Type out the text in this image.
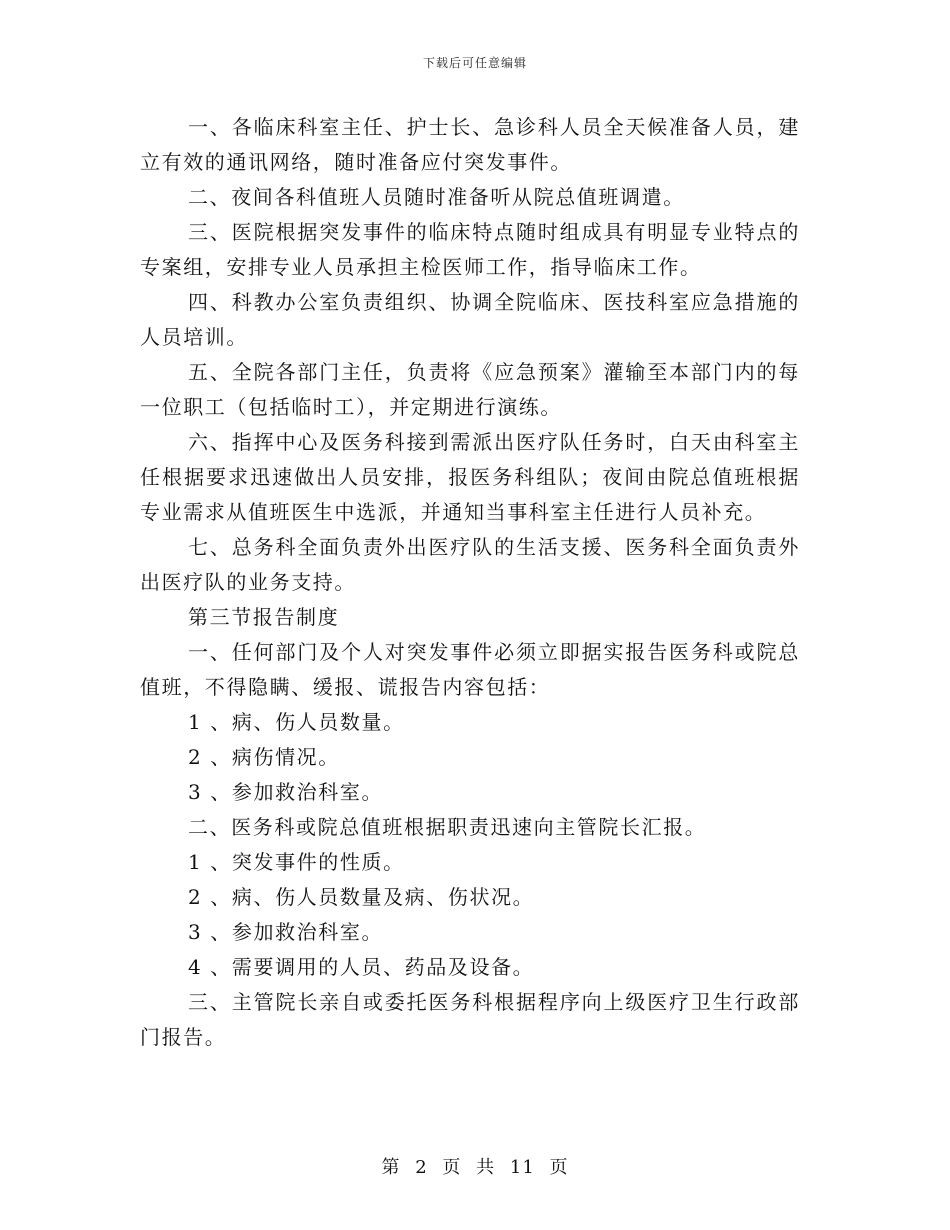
下载后可任意编辑

一、各临床科室主任、护士长、急诊科人员全天候准备人员，建立有效的通讯网络，随时准备应付突发事件。

二、夜间各科值班人员随时准备听从院总值班调遣。

三、医院根据突发事件的临床特点随时组成具有明显专业特点的专案组，安排专业人员承担主检医师工作，指导临床工作。

四、科教办公室负责组织、协调全院临床、医技科室应急措施的人员培训。

五、全院各部门主任，负责将《应急预案》灌输至本部门内的每一位职工（包括临时工），并定期进行演练。

六、指挥中心及医务科接到需派出医疗队任务时，白天由科室主任根据要求迅速做出人员安排，报医务科组队；夜间由院总值班根据专业需求从值班医生中选派，并通知当事科室主任进行人员补充。

七、总务科全面负责外出医疗队的生活支援、医务科全面负责外出医疗队的业务支持。

第三节报告制度

一、任何部门及个人对突发事件必须立即据实报告医务科或院总值班，不得隐瞒、缓报、谎报告内容包括：

1 、病、伤人员数量。

2 、病伤情况。

3 、参加救治科室。

二、医务科或院总值班根据职责迅速向主管院长汇报。

1 、突发事件的性质。

2 、病、伤人员数量及病、伤状况。

3 、参加救治科室。

4 、需要调用的人员、药品及设备。

三、主管院长亲自或委托医务科根据程序向上级医疗卫生行政部门报告。

第 2 页 共 11 页
